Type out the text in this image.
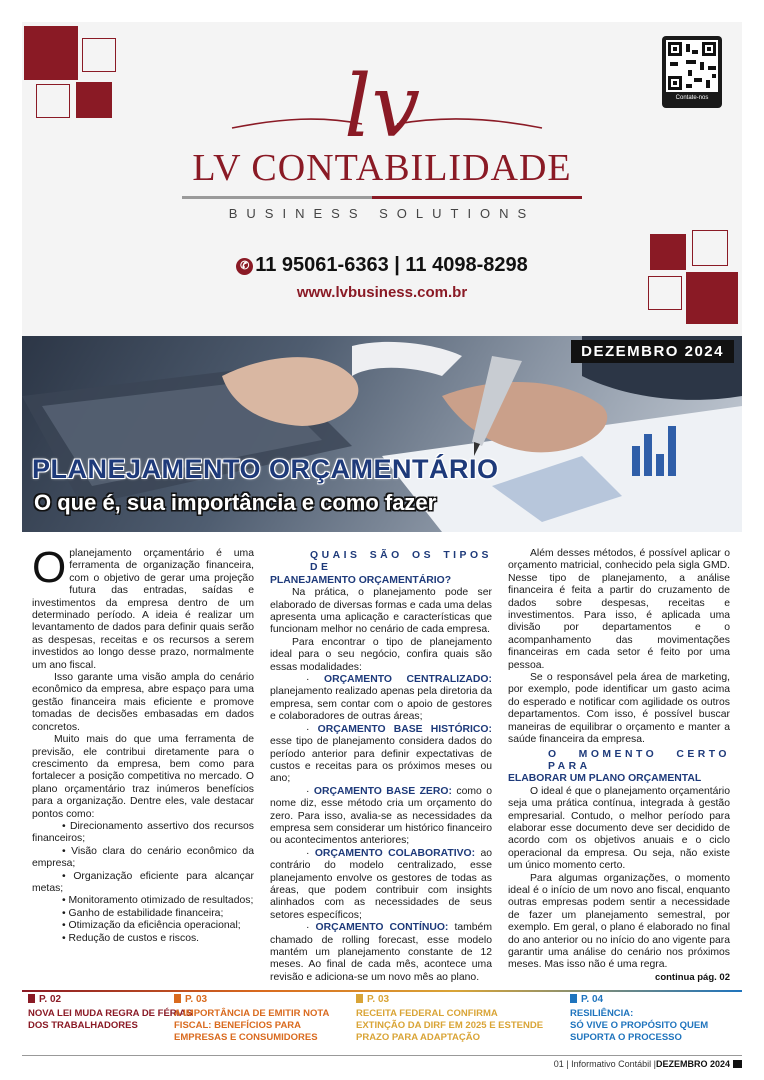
Contate-nos
lv
LV CONTABILIDADE
BUSINESS SOLUTIONS
✆ 11 95061-6363 | 11 4098-8298
www.lvbusiness.com.br
DEZEMBRO 2024
PLANEJAMENTO ORÇAMENTÁRIO
O que é, sua importância e como fazer

Oplanejamento orçamentário é uma ferramenta de organização financeira, com o objetivo de gerar uma projeção futura das entradas, saídas e investimentos da empresa dentro de um determinado período. A ideia é realizar um levantamento de dados para definir quais serão as despesas, receitas e os recursos a serem investidos ao longo desse prazo, normalmente um ano fiscal.

Isso garante uma visão ampla do cenário econômico da empresa, abre espaço para uma gestão financeira mais eficiente e promove tomadas de decisões embasadas em dados concretos.

Muito mais do que uma ferramenta de previsão, ele contribui diretamente para o crescimento da empresa, bem como para fortalecer a posição competitiva no mercado. O plano orçamentário traz inúmeros benefícios para a organização. Dentre eles, vale destacar pontos como:

• Direcionamento assertivo dos recursos financeiros;

• Visão clara do cenário econômico da empresa;

• Organização eficiente para alcançar metas;

• Monitoramento otimizado de resultados;

• Ganho de estabilidade financeira;

• Otimização da eficiência operacional;

• Redução de custos e riscos.

QUAIS SÃO OS TIPOS DE
PLANEJAMENTO ORÇAMENTÁRIO?

Na prática, o planejamento pode ser elaborado de diversas formas e cada uma delas apresenta uma aplicação e características que funcionam melhor no cenário de cada empresa.

Para encontrar o tipo de planejamento ideal para o seu negócio, confira quais são essas modalidades:

· ORÇAMENTO CENTRALIZADO: planejamento realizado apenas pela diretoria da empresa, sem contar com o apoio de gestores e colaboradores de outras áreas;

· ORÇAMENTO BASE HISTÓRICO: esse tipo de planejamento considera dados do período anterior para definir expectativas de custos e receitas para os próximos meses ou ano;

· ORÇAMENTO BASE ZERO: como o nome diz, esse método cria um orçamento do zero. Para isso, avalia-se as necessidades da empresa sem considerar um histórico financeiro ou acontecimentos anteriores;

· ORÇAMENTO COLABORATIVO: ao contrário do modelo centralizado, esse planejamento envolve os gestores de todas as áreas, que podem contribuir com insights alinhados com as necessidades de seus setores específicos;

· ORÇAMENTO CONTÍNUO: também chamado de rolling forecast, esse modelo mantém um planejamento constante de 12 meses. Ao final de cada mês, acontece uma revisão e adiciona-se um novo mês ao plano.

Além desses métodos, é possível aplicar o orçamento matricial, conhecido pela sigla GMD. Nesse tipo de planejamento, a análise financeira é feita a partir do cruzamento de dados sobre despesas, receitas e investimentos. Para isso, é aplicada uma divisão por departamentos e o acompanhamento das movimentações financeiras em cada setor é feito por uma pessoa.

Se o responsável pela área de marketing, por exemplo, pode identificar um gasto acima do esperado e notificar com agilidade os outros departamentos. Com isso, é possível buscar maneiras de equilibrar o orçamento e manter a saúde financeira da empresa.

O MOMENTO CERTO PARA
ELABORAR UM PLANO ORÇAMENTAL

O ideal é que o planejamento orçamentário seja uma prática contínua, integrada à gestão empresarial. Contudo, o melhor período para elaborar esse documento deve ser decidido de acordo com os objetivos anuais e o ciclo operacional da empresa. Ou seja, não existe um único momento certo.

Para algumas organizações, o momento ideal é o início de um novo ano fiscal, enquanto outras empresas podem sentir a necessidade de fazer um planejamento semestral, por exemplo. Em geral, o plano é elaborado no final do ano anterior ou no início do ano vigente para garantir uma análise do cenário nos próximos meses. Mas isso não é uma regra.

continua pág. 02

P. 02
NOVA LEI MUDA REGRA DE FÉRIAS DOS TRABALHADORES
P. 03
A IMPORTÂNCIA DE EMITIR NOTA FISCAL: BENEFÍCIOS PARA EMPRESAS E CONSUMIDORES
P. 03
RECEITA FEDERAL CONFIRMA EXTINÇÃO DA DIRF EM 2025 E ESTENDE PRAZO PARA ADAPTAÇÃO
P. 04
RESILIÊNCIA:
SÓ VIVE O PROPÓSITO QUEM SUPORTA O PROCESSO
01 | Informativo Contábil |DEZEMBRO 2024
